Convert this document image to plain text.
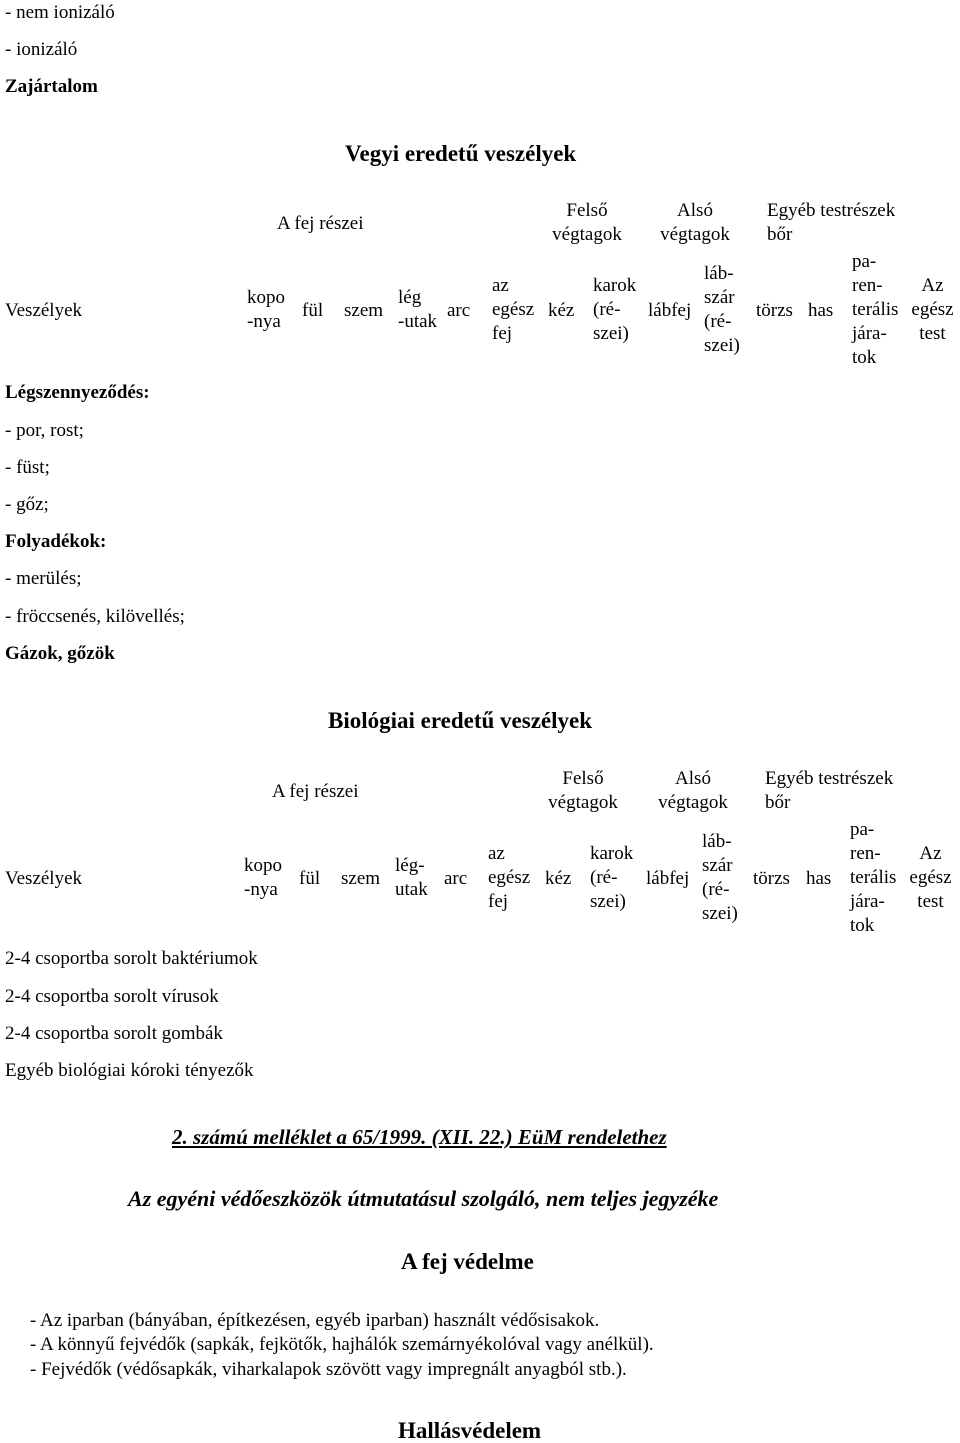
- nem ionizáló
- ionizáló
Zajártalom
Vegyi eredetű veszélyek
A fej részei
Felső
végtagok
Alsó
végtagok
Egyéb testrészek
bőr
Veszélyek
kopo
-nya
fül szem
lég
-utak
arc
az
egész
fej
kéz
karok
(ré-
szei)
lábfej
láb-
szár
(ré-
szei)
törzs has
pa-
ren-
terális
jára-
tok
Az
egész
test
Légszennyeződés:
- por, rost;
- füst;
- gőz;
Folyadékok:
- merülés;
- fröccsenés, kilövellés;
Gázok, gőzök
Biológiai eredetű veszélyek
A fej részei
Felső
végtagok
Alsó
végtagok
Egyéb testrészek
bőr
Veszélyek
kopo
-nya
fül szem
lég-
utak
arc
az
egész
fej
kéz
karok
(ré-
szei)
lábfej
láb-
szár
(ré-
szei)
törzs has
pa-
ren-
terális
jára-
tok
Az
egész
test
2-4 csoportba sorolt baktériumok
2-4 csoportba sorolt vírusok
2-4 csoportba sorolt gombák
Egyéb biológiai kóroki tényezők
2. számú melléklet a 65/1999. (XII. 22.) EüM rendelethez
Az egyéni védőeszközök útmutatásul szolgáló, nem teljes jegyzéke
A fej védelme
- Az iparban (bányában, építkezésen, egyéb iparban) használt védősisakok.
- A könnyű fejvédők (sapkák, fejkötők, hajhálók szemárnyékolóval vagy anélkül).
- Fejvédők (védősapkák, viharkalapok szövött vagy impregnált anyagból stb.).
Hallásvédelem
